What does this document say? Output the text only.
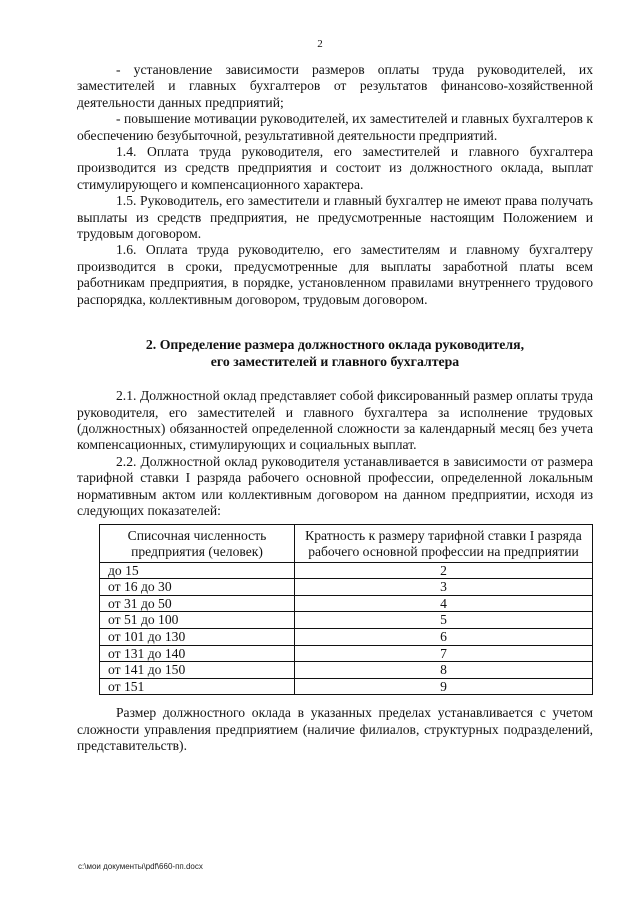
2

- установление зависимости размеров оплаты труда руководителей, их заместителей и главных бухгалтеров от результатов финансово-хозяйственной деятельности данных предприятий;

- повышение мотивации руководителей, их заместителей и главных бухгалтеров к обеспечению безубыточной, результативной деятельности предприятий.

1.4. Оплата труда руководителя, его заместителей и главного бухгалтера производится из средств предприятия и состоит из должностного оклада, выплат стимулирующего и компенсационного характера.

1.5. Руководитель, его заместители и главный бухгалтер не имеют права получать выплаты из средств предприятия, не предусмотренные настоящим Положением и трудовым договором.

1.6. Оплата труда руководителю, его заместителям и главному бухгалтеру производится в сроки, предусмотренные для выплаты заработной платы всем работникам предприятия, в порядке, установленном правилами внутреннего трудового распорядка, коллективным договором, трудовым договором.

2. Определение размера должностного оклада руководителя,
его заместителей и главного бухгалтера

2.1. Должностной оклад представляет собой фиксированный размер оплаты труда руководителя, его заместителей и главного бухгалтера за исполнение трудовых (должностных) обязанностей определенной сложности за календарный месяц без учета компенсационных, стимулирующих и социальных выплат.

2.2. Должностной оклад руководителя устанавливается в зависимости от размера тарифной ставки I разряда рабочего основной профессии, определенной локальным нормативным актом или коллективным договором на данном предприятии, исходя из следующих показателей:

Списочная численность предприятия (человек)	Кратность к размеру тарифной ставки I разряда рабочего основной профессии на предприятии
до 15	2
от 16 до 30	3
от 31 до 50	4
от 51 до 100	5
от 101 до 130	6
от 131 до 140	7
от 141 до 150	8
от 151	9

Размер должностного оклада в указанных пределах устанавливается с учетом сложности управления предприятием (наличие филиалов, структурных подразделений, представительств).

c:\мои документы\pdf\660-пп.docx
